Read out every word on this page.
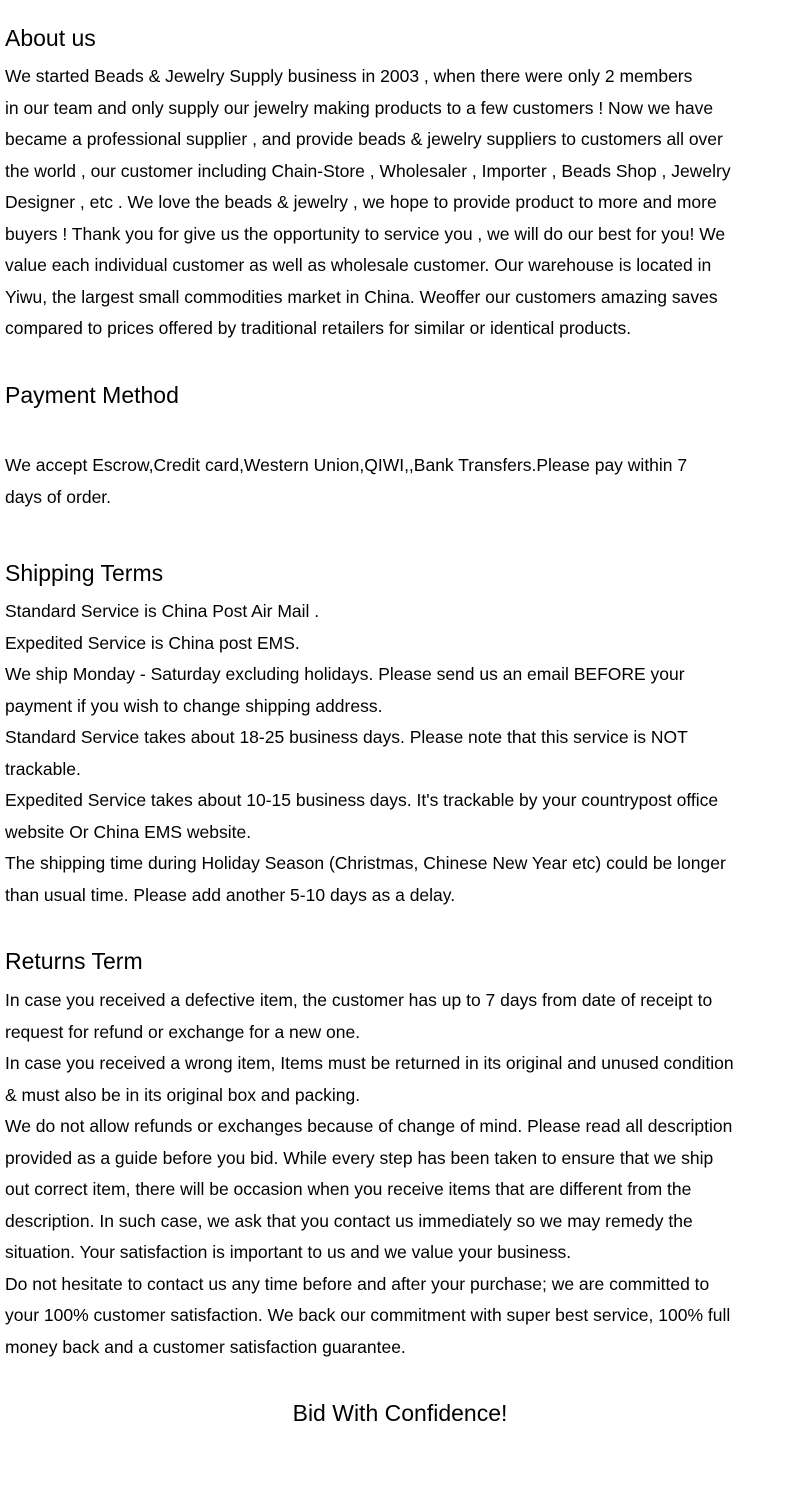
About us
We started Beads & Jewelry Supply business in 2003 , when there were only 2 members
in our team and only supply our jewelry making products to a few customers ! Now we have
became a professional supplier , and provide beads & jewelry suppliers to customers all over
the world , our customer including Chain-Store , Wholesaler , Importer , Beads Shop , Jewelry
Designer , etc . We love the beads & jewelry , we hope to provide product to more and more
buyers ! Thank you for give us the opportunity to service you , we will do our best for you! We
value each individual customer as well as wholesale customer. Our warehouse is located in
Yiwu, the largest small commodities market in China. Weoffer our customers amazing saves
compared to prices offered by traditional retailers for similar or identical products.
Payment Method
We accept Escrow,Credit card,Western Union,QIWI,,Bank Transfers.Please pay within 7
days of order.
Shipping Terms
Standard Service is China Post Air Mail .
Expedited Service is China post EMS.
We ship Monday - Saturday excluding holidays. Please send us an email BEFORE your
payment if you wish to change shipping address.
Standard Service takes about 18-25 business days. Please note that this service is NOT
trackable.
Expedited Service takes about 10-15 business days. It's trackable by your countrypost office
website Or China EMS website.
The shipping time during Holiday Season (Christmas, Chinese New Year etc) could be longer
than usual time. Please add another 5-10 days as a delay.
Returns Term
In case you received a defective item, the customer has up to 7 days from date of receipt to
request for refund or exchange for a new one.
In case you received a wrong item, Items must be returned in its original and unused condition
& must also be in its original box and packing.
We do not allow refunds or exchanges because of change of mind. Please read all description
provided as a guide before you bid. While every step has been taken to ensure that we ship
out correct item, there will be occasion when you receive items that are different from the
description. In such case, we ask that you contact us immediately so we may remedy the
situation. Your satisfaction is important to us and we value your business.
Do not hesitate to contact us any time before and after your purchase; we are committed to
your 100% customer satisfaction. We back our commitment with super best service, 100% full
money back and a customer satisfaction guarantee.
Bid With Confidence!
